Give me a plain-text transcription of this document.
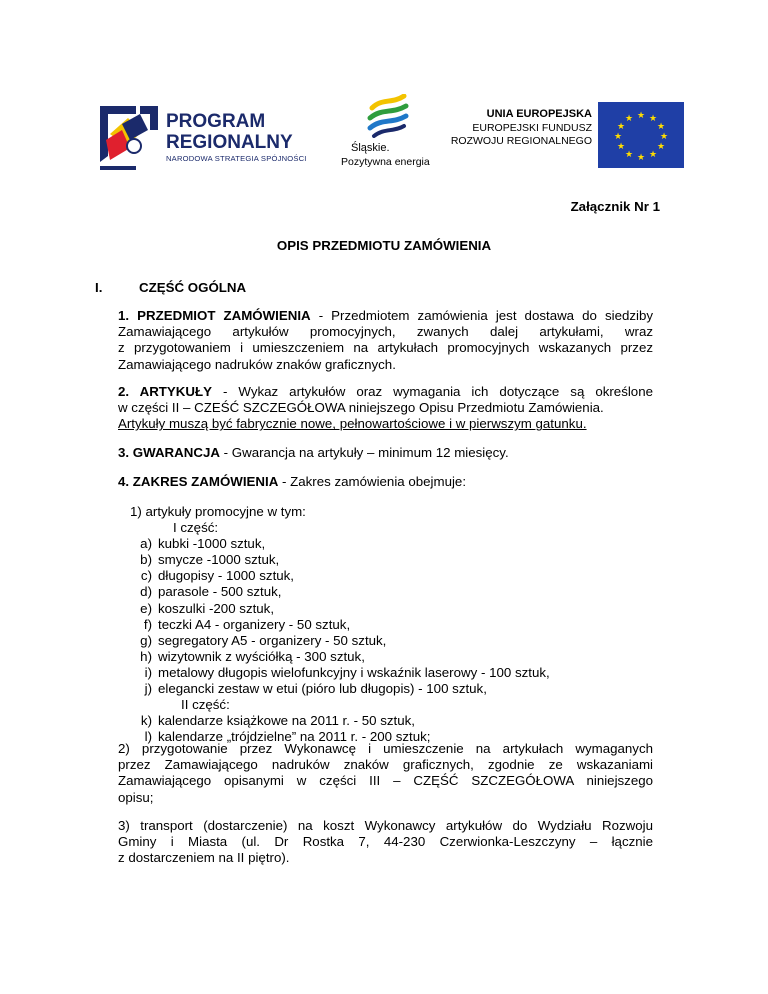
PROGRAM
REGIONALNY
NARODOWA STRATEGIA SPÓJNOŚCI
Śląskie.
Pozytywna energia
UNIA EUROPEJSKA
EUROPEJSKI FUNDUSZ
ROZWOJU REGIONALNEGO
★ ★
★
★
★
★
★
★
★
★
★
★
Załącznik Nr 1
OPIS PRZEDMIOTU ZAMÓWIENIA
I.	CZĘŚĆ OGÓLNA
1. PRZEDMIOT ZAMÓWIENIA - Przedmiotem zamówienia jest dostawa do siedziby
Zamawiającego artykułów promocyjnych, zwanych dalej artykułami, wraz
z przygotowaniem i umieszczeniem na artykułach promocyjnych wskazanych przez
Zamawiającego nadruków znaków graficznych.
2. ARTYKUŁY - Wykaz artykułów oraz wymagania ich dotyczące są określone
w części II – CZEŚĆ SZCZEGÓŁOWA niniejszego Opisu Przedmiotu Zamówienia.
Artykuły muszą być fabrycznie nowe, pełnowartościowe i w pierwszym gatunku.
3. GWARANCJA - Gwarancja na artykuły – minimum 12 miesięcy.
4. ZAKRES ZAMÓWIENIA - Zakres zamówienia obejmuje:
1) artykuły promocyjne w tym:
I część:
a) kubki -1000 sztuk,
b) smycze -1000 sztuk,
c) długopisy - 1000 sztuk,
d) parasole - 500 sztuk,
e) koszulki -200 sztuk,
f) teczki A4 - organizery - 50 sztuk,
g) segregatory A5 - organizery - 50 sztuk,
h) wizytownik z wyściółką - 300 sztuk,
i) metalowy długopis wielofunkcyjny i wskaźnik laserowy - 100 sztuk,
j) elegancki zestaw w etui (pióro lub długopis) - 100 sztuk,
II część:
k) kalendarze książkowe na 2011 r. - 50 sztuk,
l) kalendarze „trójdzielne” na 2011 r. - 200 sztuk;
2) przygotowanie przez Wykonawcę i umieszczenie na artykułach wymaganych
przez Zamawiającego nadruków znaków graficznych, zgodnie ze wskazaniami
Zamawiającego opisanymi w części III – CZĘŚĆ SZCZEGÓŁOWA niniejszego
opisu;
3) transport (dostarczenie) na koszt Wykonawcy artykułów do Wydziału Rozwoju
Gminy i Miasta (ul. Dr Rostka 7, 44-230 Czerwionka-Leszczyny – łącznie
z dostarczeniem na II piętro).
